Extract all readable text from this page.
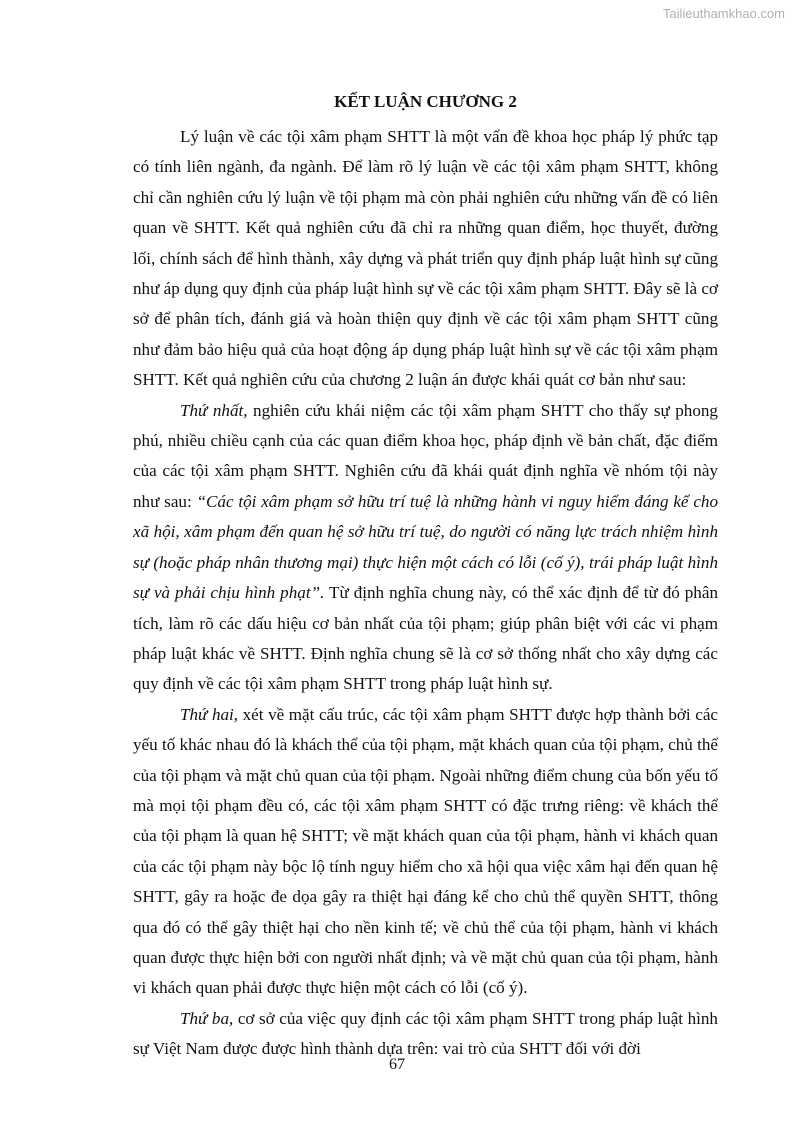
Tailieuthamkhao.com
KẾT LUẬN CHƯƠNG 2

Lý luận về các tội xâm phạm SHTT là một vấn đề khoa học pháp lý phức tạp có tính liên ngành, đa ngành. Để làm rõ lý luận về các tội xâm phạm SHTT, không chỉ cần nghiên cứu lý luận về tội phạm mà còn phải nghiên cứu những vấn đề có liên quan về SHTT. Kết quả nghiên cứu đã chỉ ra những quan điểm, học thuyết, đường lối, chính sách để hình thành, xây dựng và phát triển quy định pháp luật hình sự cũng như áp dụng quy định của pháp luật hình sự về các tội xâm phạm SHTT. Đây sẽ là cơ sở để phân tích, đánh giá và hoàn thiện quy định về các tội xâm phạm SHTT cũng như đảm bảo hiệu quả của hoạt động áp dụng pháp luật hình sự về các tội xâm phạm SHTT. Kết quả nghiên cứu của chương 2 luận án được khái quát cơ bản như sau:

Thứ nhất, nghiên cứu khái niệm các tội xâm phạm SHTT cho thấy sự phong phú, nhiều chiều cạnh của các quan điểm khoa học, pháp định về bản chất, đặc điểm của các tội xâm phạm SHTT. Nghiên cứu đã khái quát định nghĩa về nhóm tội này như sau: “Các tội xâm phạm sở hữu trí tuệ là những hành vi nguy hiểm đáng kể cho xã hội, xâm phạm đến quan hệ sở hữu trí tuệ, do người có năng lực trách nhiệm hình sự (hoặc pháp nhân thương mại) thực hiện một cách có lỗi (cố ý), trái pháp luật hình sự và phải chịu hình phạt”. Từ định nghĩa chung này, có thể xác định để từ đó phân tích, làm rõ các dấu hiệu cơ bản nhất của tội phạm; giúp phân biệt với các vi phạm pháp luật khác về SHTT. Định nghĩa chung sẽ là cơ sở thống nhất cho xây dựng các quy định về các tội xâm phạm SHTT trong pháp luật hình sự.

Thứ hai, xét về mặt cấu trúc, các tội xâm phạm SHTT được hợp thành bởi các yếu tố khác nhau đó là khách thể của tội phạm, mặt khách quan của tội phạm, chủ thể của tội phạm và mặt chủ quan của tội phạm. Ngoài những điểm chung của bốn yếu tố mà mọi tội phạm đều có, các tội xâm phạm SHTT có đặc trưng riêng: về khách thể của tội phạm là quan hệ SHTT; về mặt khách quan của tội phạm, hành vi khách quan của các tội phạm này bộc lộ tính nguy hiểm cho xã hội qua việc xâm hại đến quan hệ SHTT, gây ra hoặc đe dọa gây ra thiệt hại đáng kể cho chủ thể quyền SHTT, thông qua đó có thể gây thiệt hại cho nền kinh tế; về chủ thể của tội phạm, hành vi khách quan được thực hiện bởi con người nhất định; và về mặt chủ quan của tội phạm, hành vi khách quan phải được thực hiện một cách có lỗi (cố ý).

Thứ ba, cơ sở của việc quy định các tội xâm phạm SHTT trong pháp luật hình sự Việt Nam được được hình thành dựa trên: vai trò của SHTT đối với đời

67
